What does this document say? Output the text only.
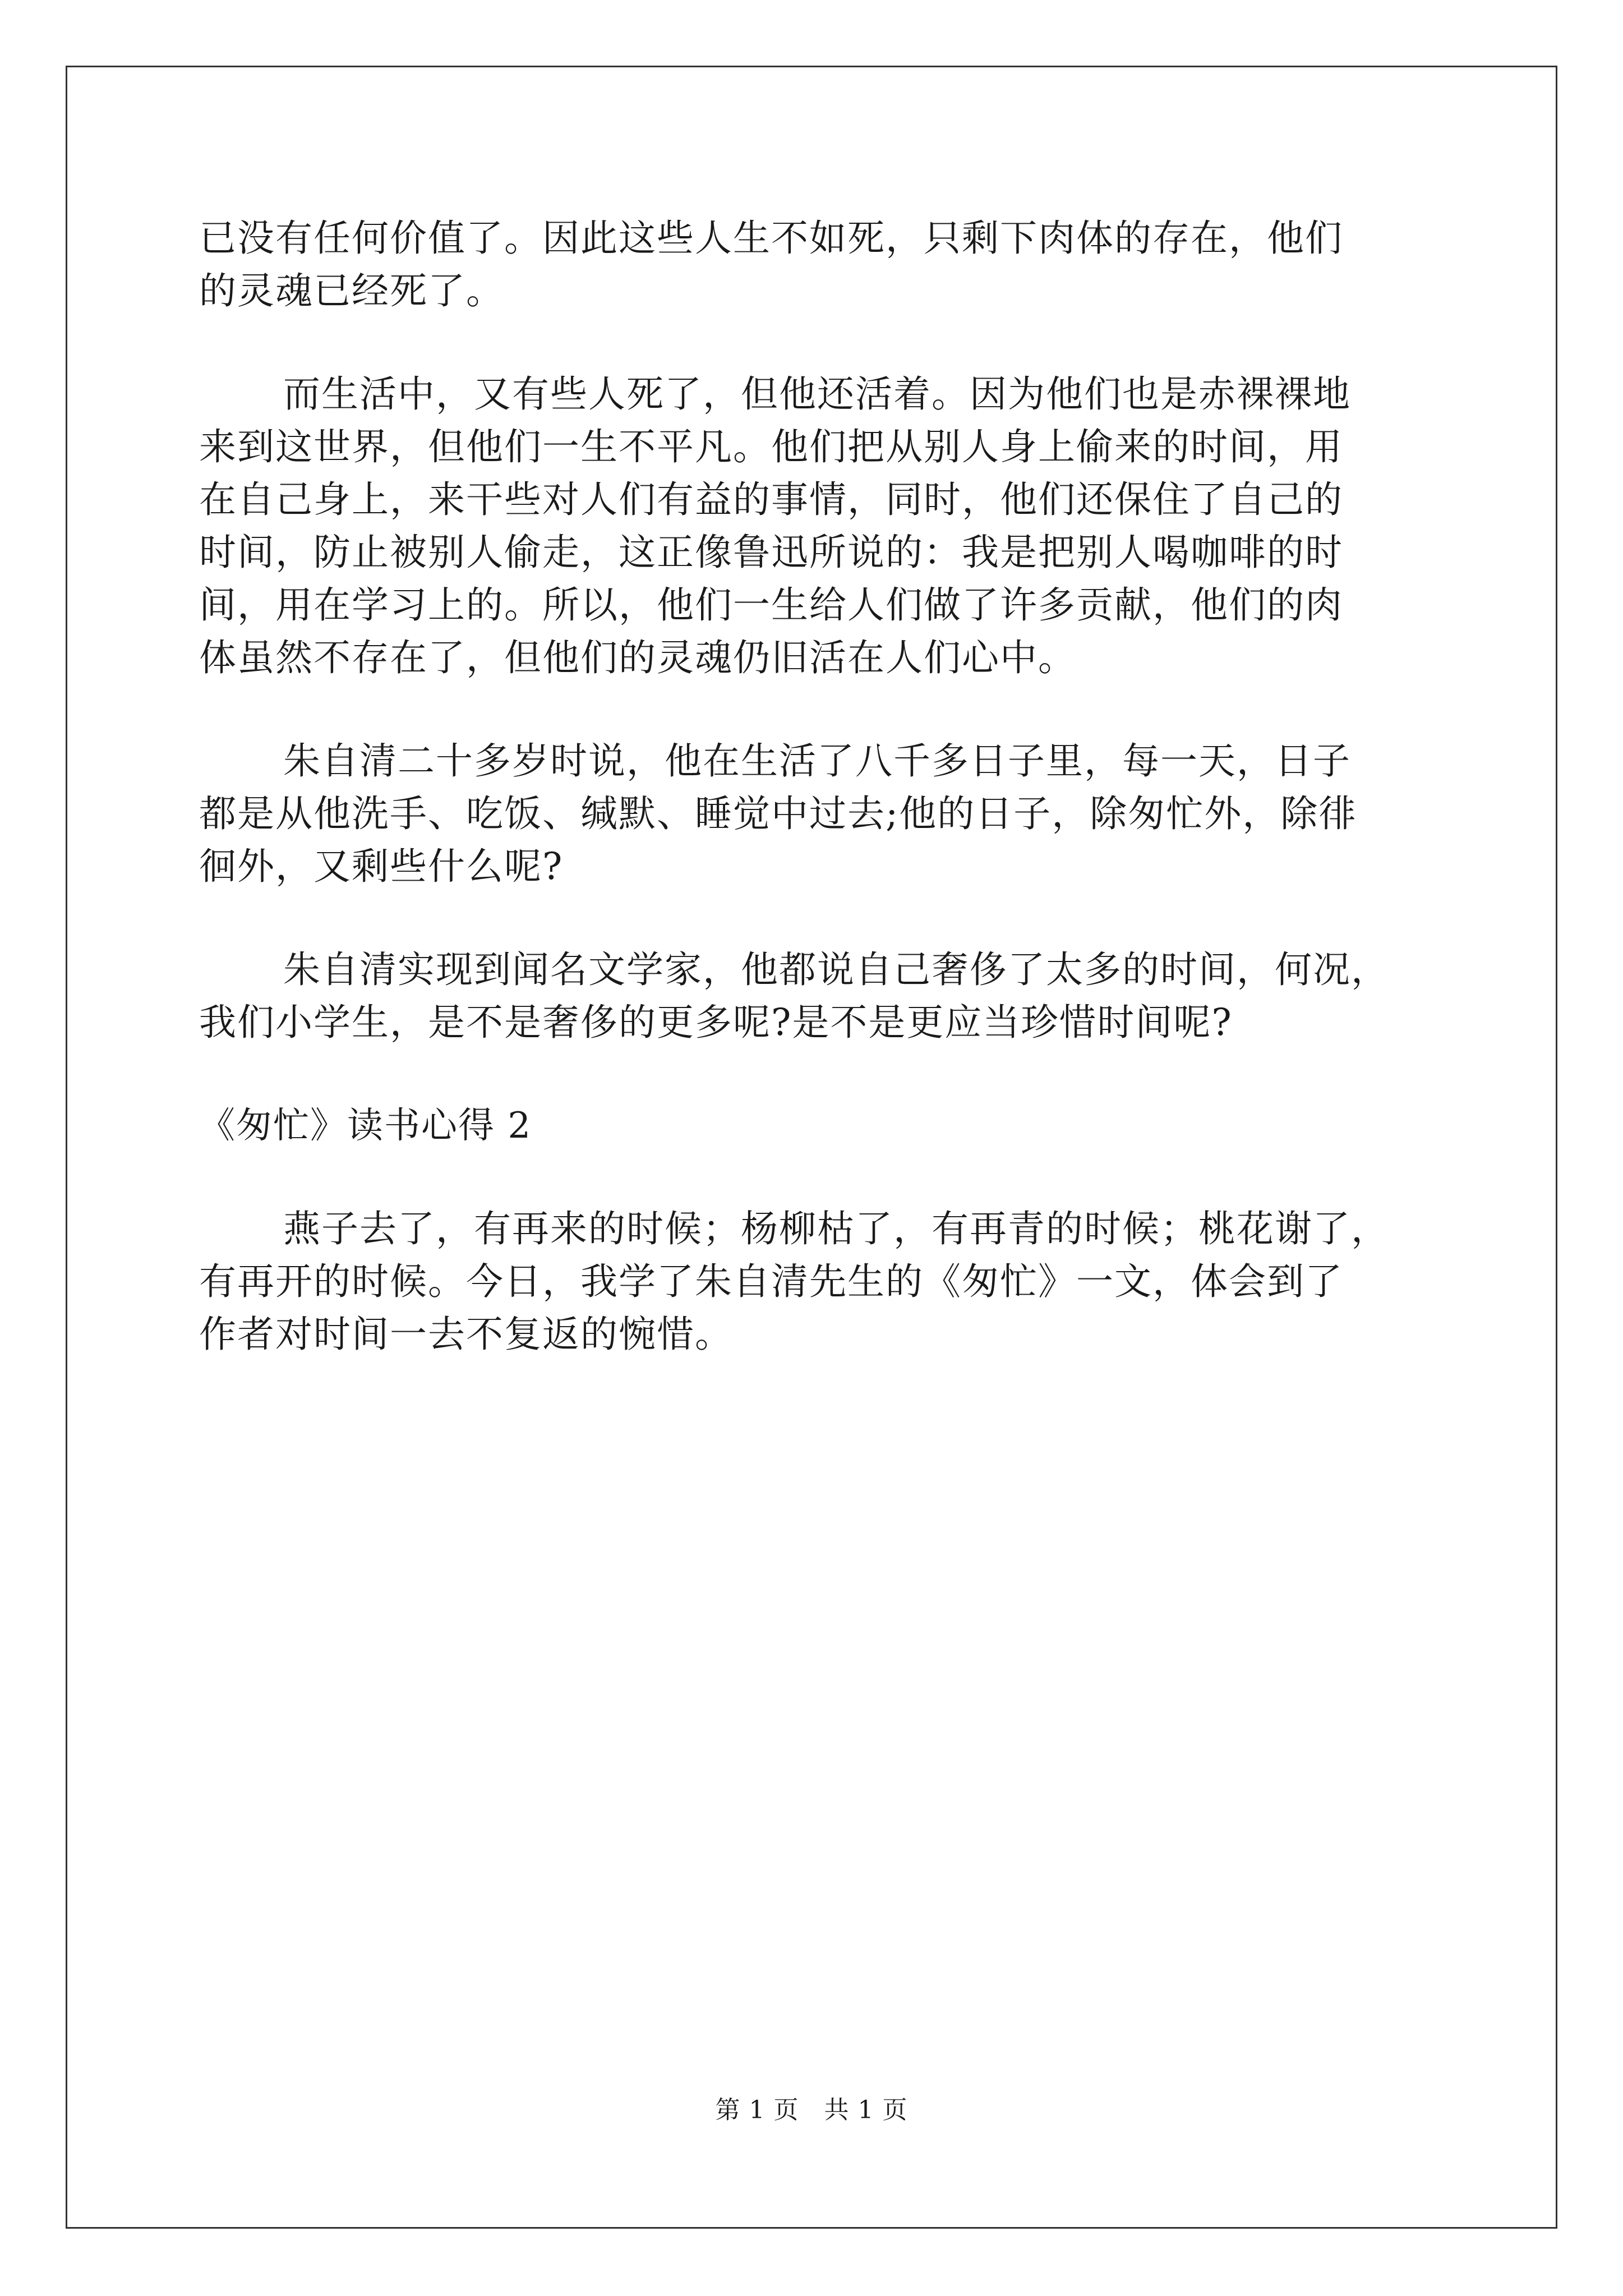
已没有任何价值了。因此这些人生不如死，只剩下肉体的存在，他们

的灵魂已经死了。

而生活中，又有些人死了，但他还活着。因为他们也是赤裸裸地

来到这世界，但他们一生不平凡。他们把从别人身上偷来的时间，用

在自己身上，来干些对人们有益的事情，同时，他们还保住了自己的

时间，防止被别人偷走，这正像鲁迅所说的：我是把别人喝咖啡的时

间，用在学习上的。所以，他们一生给人们做了许多贡献，他们的肉

体虽然不存在了，但他们的灵魂仍旧活在人们心中。

朱自清二十多岁时说，他在生活了八千多日子里，每一天，日子

都是从他洗手、吃饭、缄默、睡觉中过去;他的日子，除匆忙外，除徘

徊外，又剩些什么呢?

朱自清实现到闻名文学家，他都说自己奢侈了太多的时间，何况，

我们小学生，是不是奢侈的更多呢?是不是更应当珍惜时间呢?

《匆忙》读书心得 2

燕子去了，有再来的时候；杨柳枯了，有再青的时候；桃花谢了，

有再开的时候。今日，我学了朱自清先生的《匆忙》一文，体会到了

作者对时间一去不复返的惋惜。

第 1 页   共 1 页
